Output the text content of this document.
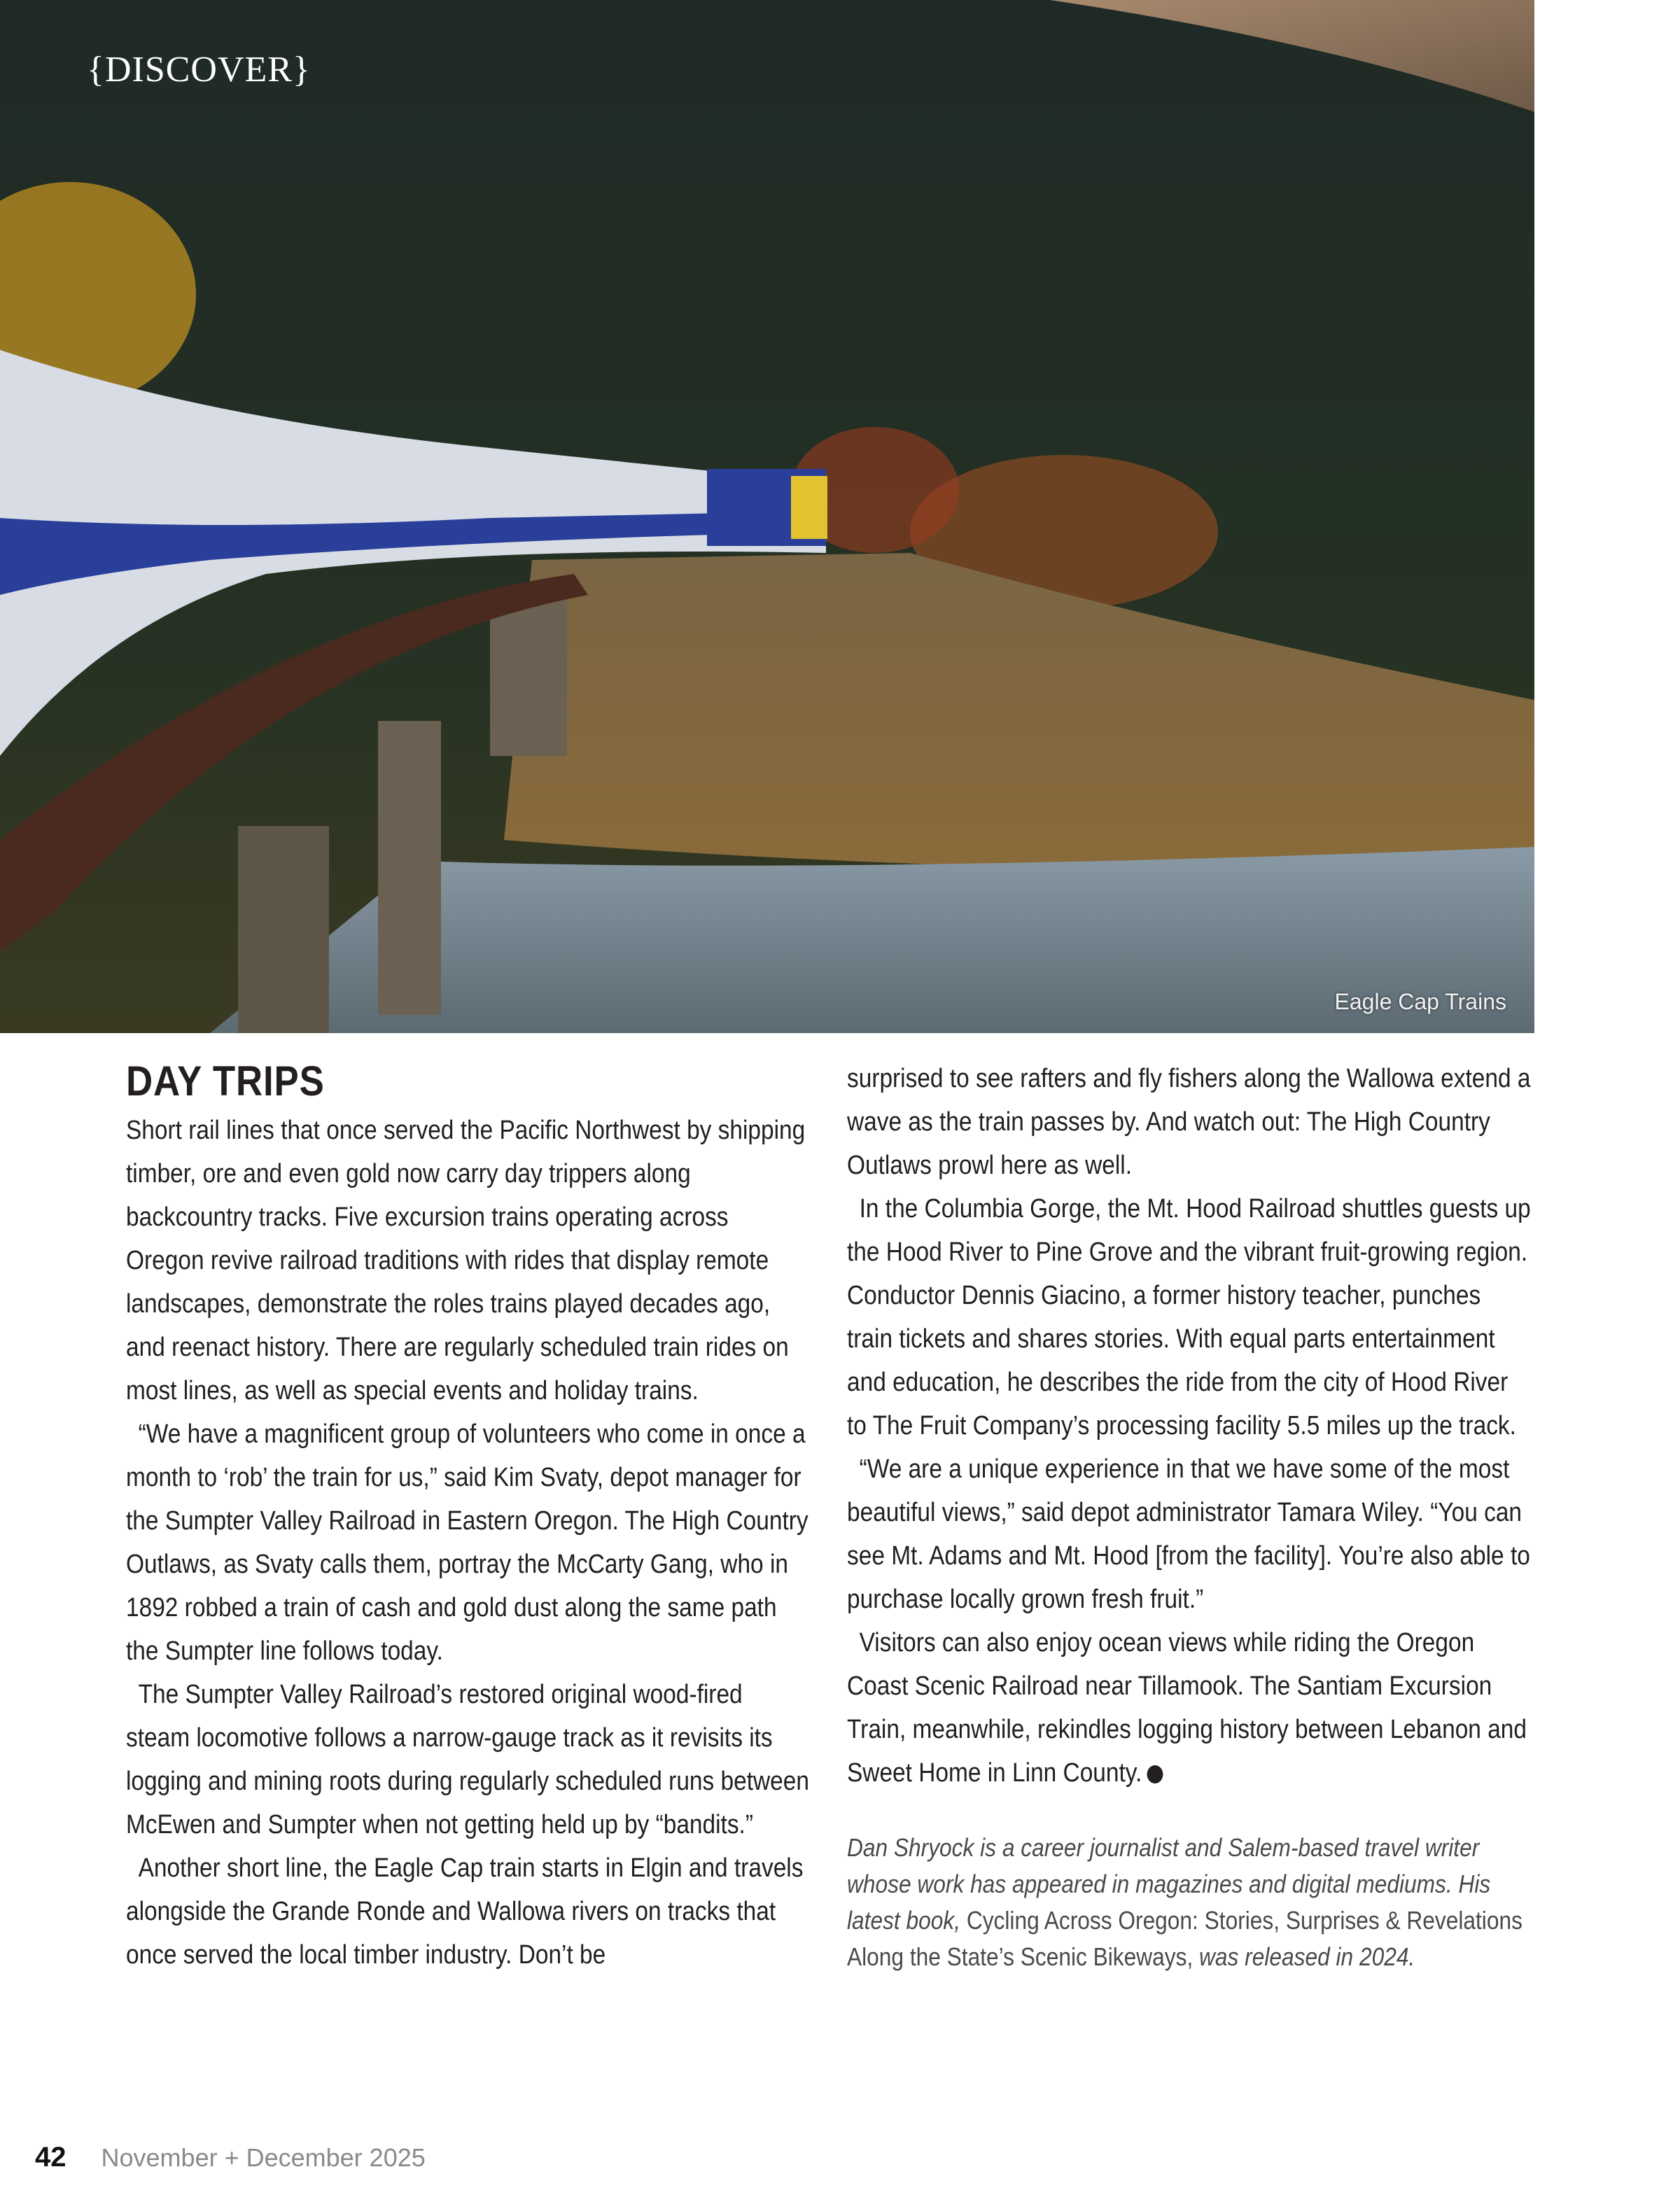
{DISCOVER}
Eagle Cap Trains
DAY TRIPS

Short rail lines that once served the Pacific Northwest by shipping timber, ore and even gold now carry day trippers along backcountry tracks. Five excursion trains operating across Oregon revive railroad traditions with rides that display remote landscapes, demonstrate the roles trains played decades ago, and reenact history. There are regularly scheduled train rides on most lines, as well as special events and holiday trains.

“We have a magnificent group of volunteers who come in once a month to ‘rob’ the train for us,” said Kim Svaty, depot manager for the Sumpter Valley Railroad in Eastern Oregon. The High Country Outlaws, as Svaty calls them, portray the McCarty Gang, who in 1892 robbed a train of cash and gold dust along the same path the Sumpter line follows today.

The Sumpter Valley Railroad’s restored original wood-fired steam locomotive follows a narrow-gauge track as it revisits its logging and mining roots during regularly scheduled runs between McEwen and Sumpter when not getting held up by “bandits.”

Another short line, the Eagle Cap train starts in Elgin and travels alongside the Grande Ronde and Wallowa rivers on tracks that once served the local timber industry. Don’t be

surprised to see rafters and fly fishers along the Wallowa extend a wave as the train passes by. And watch out: The High Country Outlaws prowl here as well.

In the Columbia Gorge, the Mt. Hood Railroad shuttles guests up the Hood River to Pine Grove and the vibrant fruit-growing region. Conductor Dennis Giacino, a former history teacher, punches train tickets and shares stories. With equal parts entertainment and education, he describes the ride from the city of Hood River to The Fruit Company’s processing facility 5.5 miles up the track.

“We are a unique experience in that we have some of the most beautiful views,” said depot administrator Tamara Wiley. “You can see Mt. Adams and Mt. Hood [from the facility]. You’re also able to purchase locally grown fresh fruit.”

Visitors can also enjoy ocean views while riding the Oregon Coast Scenic Railroad near Tillamook. The Santiam Excursion Train, meanwhile, rekindles logging history between Lebanon and Sweet Home in Linn County.

Dan Shryock is a career journalist and Salem-based travel writer whose work has appeared in magazines and digital mediums. His latest book, Cycling Across Oregon: Stories, Surprises & Revelations Along the State’s Scenic Bikeways, was released in 2024.

42 November + December 2025
